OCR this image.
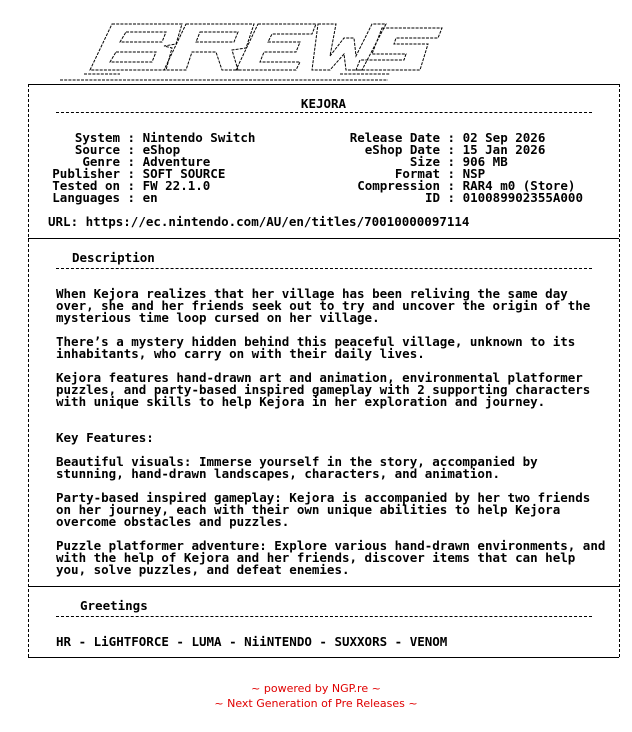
KEJORA
System : Nintendo Switch
Source : eShop
Genre : Adventure
Publisher : SOFT SOURCE
Tested on : FW 22.1.0
Languages : en
Release Date : 02 Sep 2026
eShop Date : 15 Jan 2026
Size : 906 MB
Format : NSP
Compression : RAR4 m0 (Store)
ID : 010089902355A000
URL: https://ec.nintendo.com/AU/en/titles/70010000097114
Description
When Kejora realizes that her village has been reliving the same day over, she and her friends seek out to try and uncover the origin of the mysterious time loop cursed on her village.
There’s a mystery hidden behind this peaceful village, unknown to its inhabitants, who carry on with their daily lives.
Kejora features hand-drawn art and animation, environmental platformer puzzles, and party-based inspired gameplay with 2 supporting characters with unique skills to help Kejora in her exploration and journey.
Key Features:
Beautiful visuals: Immerse yourself in the story, accompanied by stunning, hand-drawn landscapes, characters, and animation.
Party-based inspired gameplay: Kejora is accompanied by her two friends on her journey, each with their own unique abilities to help Kejora overcome obstacles and puzzles.
Puzzle platformer adventure: Explore various hand-drawn environments, and with the help of Kejora and her friends, discover items that can help you, solve puzzles, and defeat enemies.
Greetings
HR - LiGHTFORCE - LUMA - NiiNTENDO - SUXXORS - VENOM
~ powered by NGP.re ~
~ Next Generation of Pre Releases ~
